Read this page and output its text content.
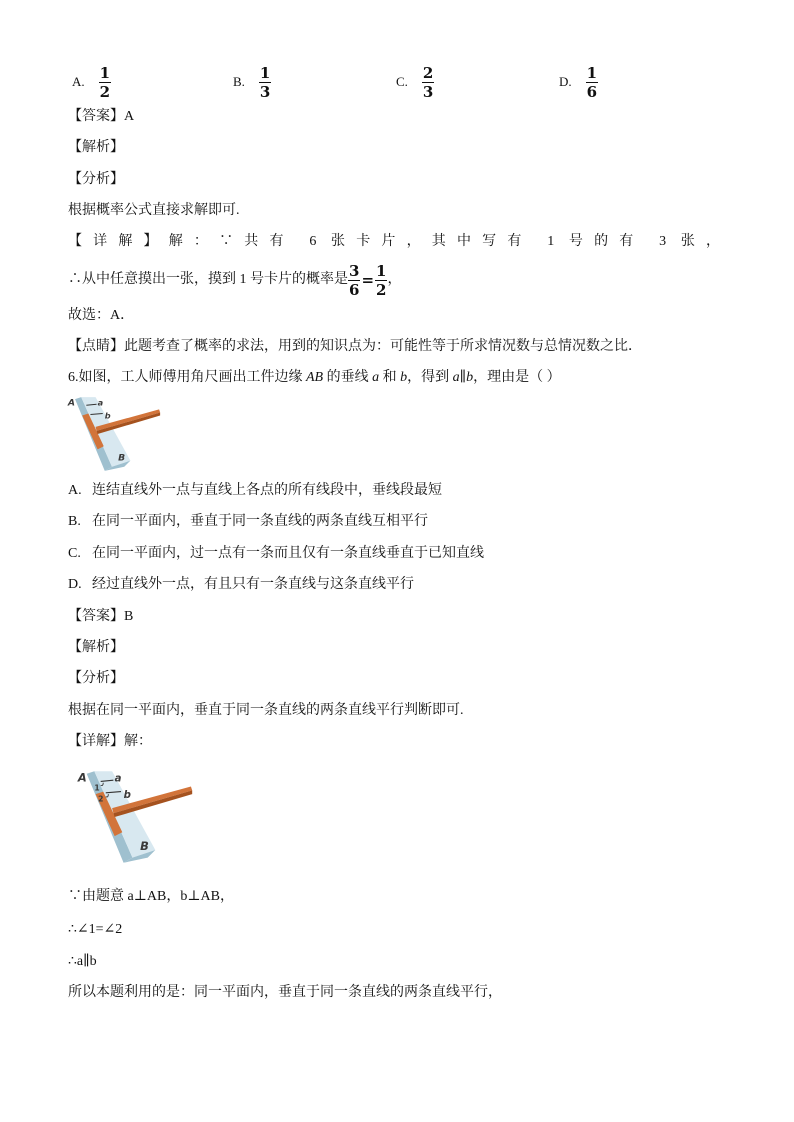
A. $\frac{1}{2}$	B. $\frac{1}{3}$	C. $\frac{2}{3}$	D. $\frac{1}{6}$
【答案】A
【解析】
【分析】
根据概率公式直接求解即可.
【详解】解：∵共有 6 张卡片，其中写有 1 号的有 3 张，
∴从中任意摸出一张，摸到 1 号卡片的概率是 $\frac{3}{6} = \frac{1}{2}$ ，
故选：A．
【点睛】此题考查了概率的求法，用到的知识点为：可能性等于所求情况数与总情况数之比．
6.如图，工人师傅用角尺画出工件边缘 AB 的垂线 a 和 b，得到 a∥b，理由是（ ）
A	a
b
B
A. 连结直线外一点与直线上各点的所有线段中，垂线段最短
B. 在同一平面内，垂直于同一条直线的两条直线互相平行
C. 在同一平面内，过一点有一条而且仅有一条直线垂直于已知直线
D. 经过直线外一点，有且只有一条直线与这条直线平行
【答案】B
【解析】
【分析】
根据在同一平面内，垂直于同一条直线的两条直线平行判断即可.
【详解】解：
A	a
1
b
2
B
∵由题意 a⊥AB，b⊥AB，
∴∠1=∠2
∴a∥b
所以本题利用的是：同一平面内，垂直于同一条直线的两条直线平行，
